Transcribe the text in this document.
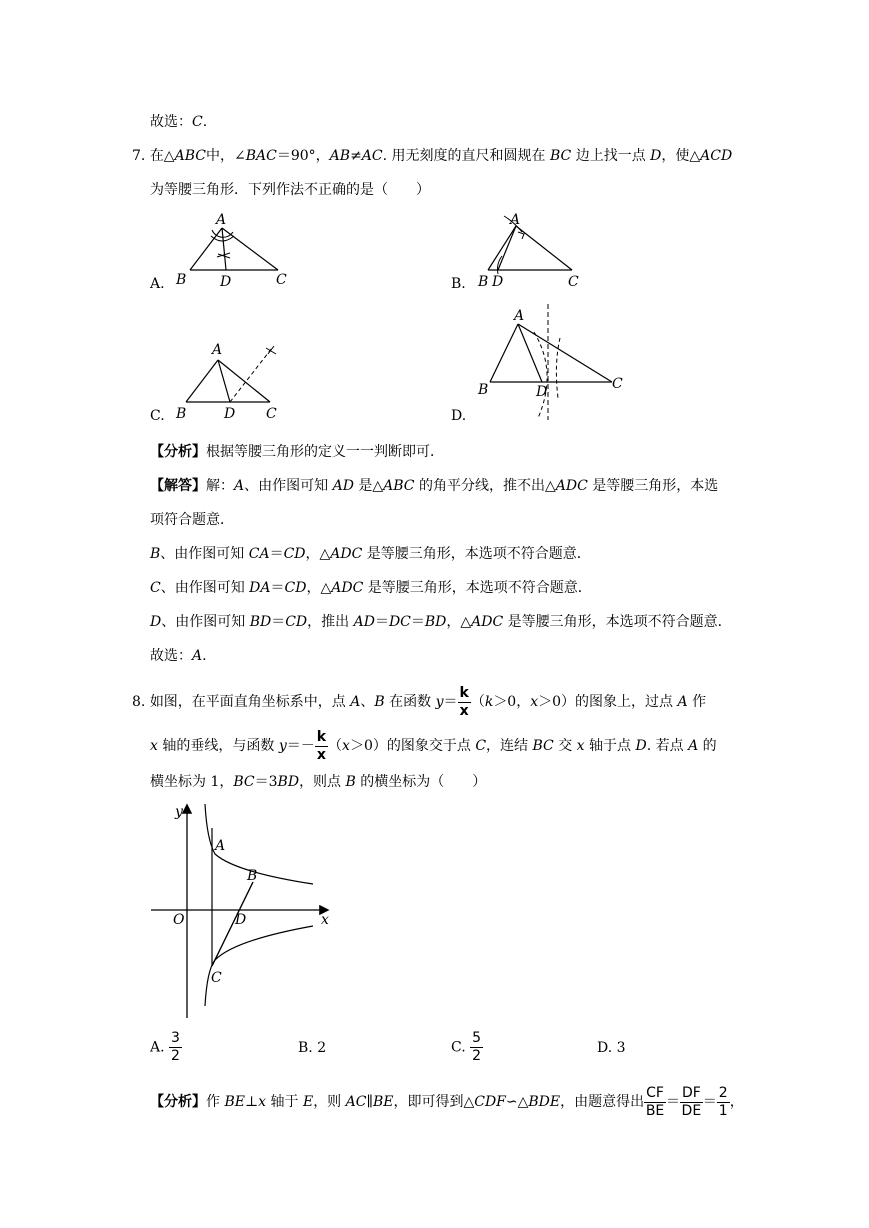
故选：C.
7. 在△ABC中，∠BAC＝90°，AB≠AC. 用无刻度的直尺和圆规在 BC 边上找一点 D，使△ACD
为等腰三角形．下列作法不正确的是（　　）
A.
A
B D	C	B.
A
B D	C
C.
A
B	D C	D.
A
B	D	C
【分析】根据等腰三角形的定义一一判断即可．
【解答】解：A、由作图可知 AD 是△ABC 的角平分线，推不出△ADC 是等腰三角形，本选
项符合题意．
B、由作图可知 CA＝CD，△ADC 是等腰三角形，本选项不符合题意．
C、由作图可知 DA＝CD，△ADC 是等腰三角形，本选项不符合题意．
D、由作图可知 BD＝CD，推出 AD＝DC＝BD，△ADC 是等腰三角形，本选项不符合题意．
故选：A.
8. 如图，在平面直角坐标系中，点 A、B 在函数 $y= \frac{k}{x} (k>0$，x＞0）的图象上，过点 A 作
x 轴的垂线，与函数 $y=- \frac{k}{x} (x>0)$的图象交于点 C，连结 BC 交 x 轴于点 D. 若点 A 的
横坐标为 1，BC＝3BD，则点 B 的横坐标为（　　）
y
x
O
A
B
C
D
A. $\frac{3}{2}$	B. 2	C. $\frac{5}{2}$	D. 3
【分析】作 BE⊥x 轴于 E，则 AC∥BE，即可得到△CDF∽△BDE，由题意得出 $\frac{CF}{BE} = \frac{DF}{DE} = \frac{2}{1}$ ，
